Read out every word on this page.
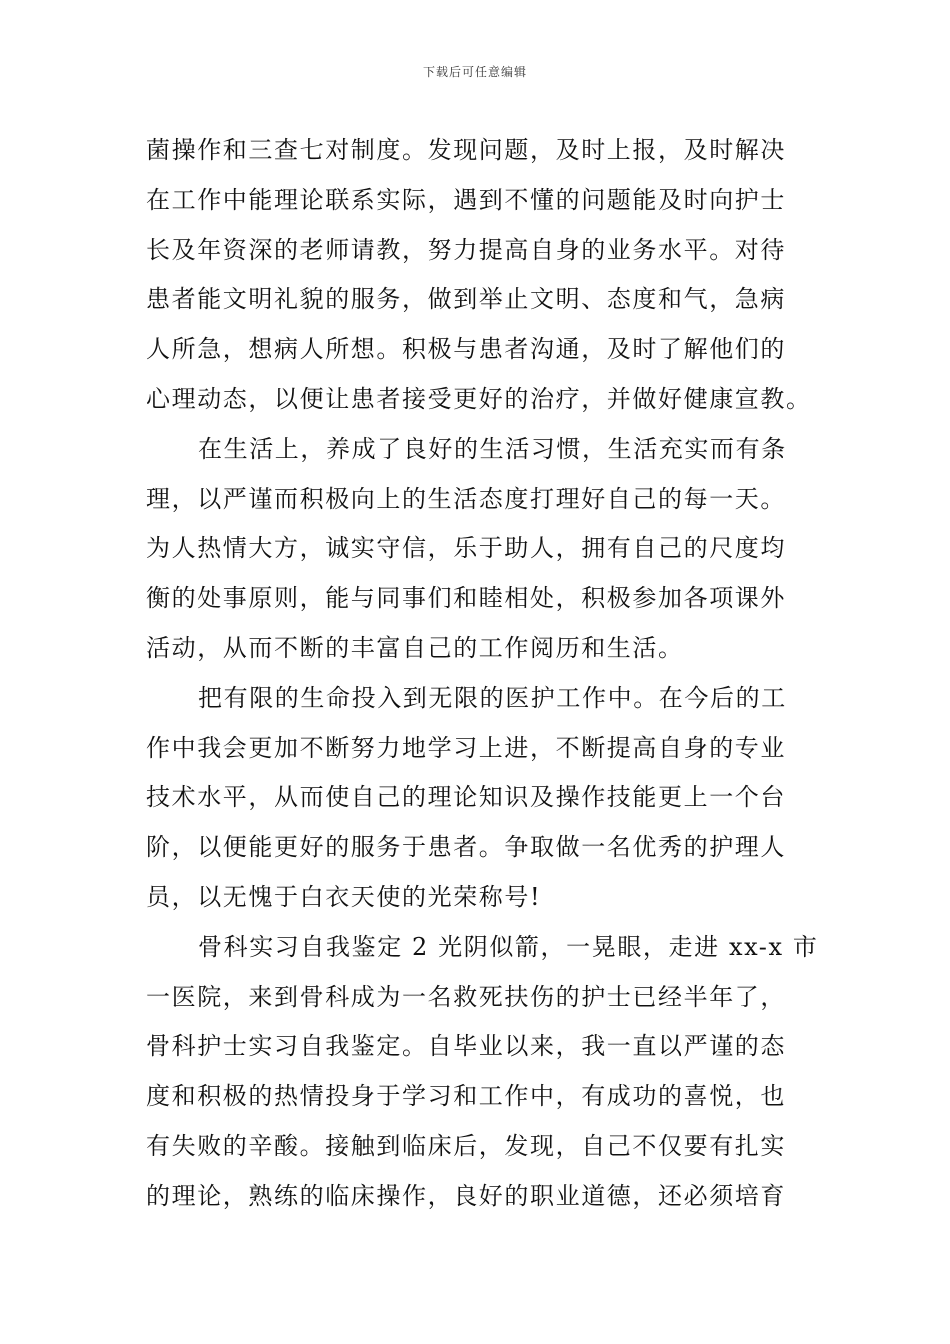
下载后可任意编辑
菌操作和三查七对制度。发现问题，及时上报，及时解决
在工作中能理论联系实际，遇到不懂的问题能及时向护士
长及年资深的老师请教，努力提高自身的业务水平。对待
患者能文明礼貌的服务，做到举止文明、态度和气，急病
人所急，想病人所想。积极与患者沟通，及时了解他们的
心理动态，以便让患者接受更好的治疗，并做好健康宣教。
在生活上，养成了良好的生活习惯，生活充实而有条
理，以严谨而积极向上的生活态度打理好自己的每一天。
为人热情大方，诚实守信，乐于助人，拥有自己的尺度均
衡的处事原则，能与同事们和睦相处，积极参加各项课外
活动，从而不断的丰富自己的工作阅历和生活。
把有限的生命投入到无限的医护工作中。在今后的工
作中我会更加不断努力地学习上进，不断提高自身的专业
技术水平，从而使自己的理论知识及操作技能更上一个台
阶，以便能更好的服务于患者。争取做一名优秀的护理人
员，以无愧于白衣天使的光荣称号!
骨科实习自我鉴定 2 光阴似箭，一晃眼，走进 xx-x 市
一医院，来到骨科成为一名救死扶伤的护士已经半年了，
骨科护士实习自我鉴定。自毕业以来，我一直以严谨的态
度和积极的热情投身于学习和工作中，有成功的喜悦，也
有失败的辛酸。接触到临床后，发现，自己不仅要有扎实
的理论，熟练的临床操作，良好的职业道德，还必须培育
